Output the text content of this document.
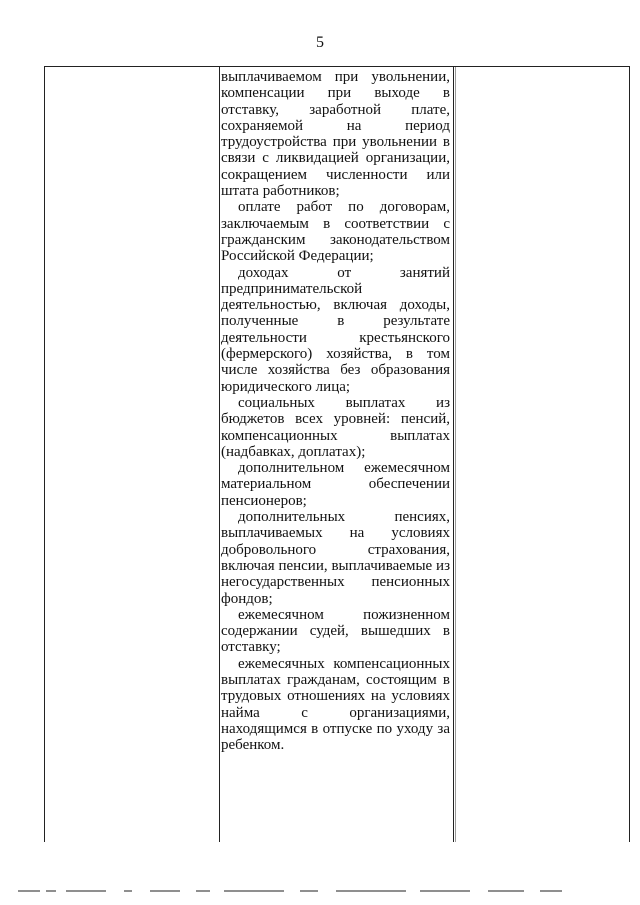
5

выплачиваемом при увольнении, компенсации при выходе в отставку, заработной плате, сохраняемой на период трудоустройства при увольнении в связи с ликвидацией организации, сокращением численности или штата работников;

оплате работ по договорам, заключаемым в соответствии с гражданским законодательством Российской Федерации;

доходах от занятий предпринимательской деятельностью, включая доходы, полученные в результате деятельности крестьянского (фермерского) хозяйства, в том числе хозяйства без образования юридического лица;

социальных выплатах из бюджетов всех уровней: пенсий, компенсационных выплатах (надбавках, доплатах);

дополнительном ежемесячном материальном обеспечении пенсионеров;

дополнительных пенсиях, выплачиваемых на условиях добровольного страхования, включая пенсии, выплачиваемые из негосударственных пенсионных фондов;

ежемесячном пожизненном содержании судей, вышедших в отставку;

ежемесячных компенсационных выплатах гражданам, состоящим в трудовых отношениях на условиях найма с организациями, находящимся в отпуске по уходу за ребенком.
